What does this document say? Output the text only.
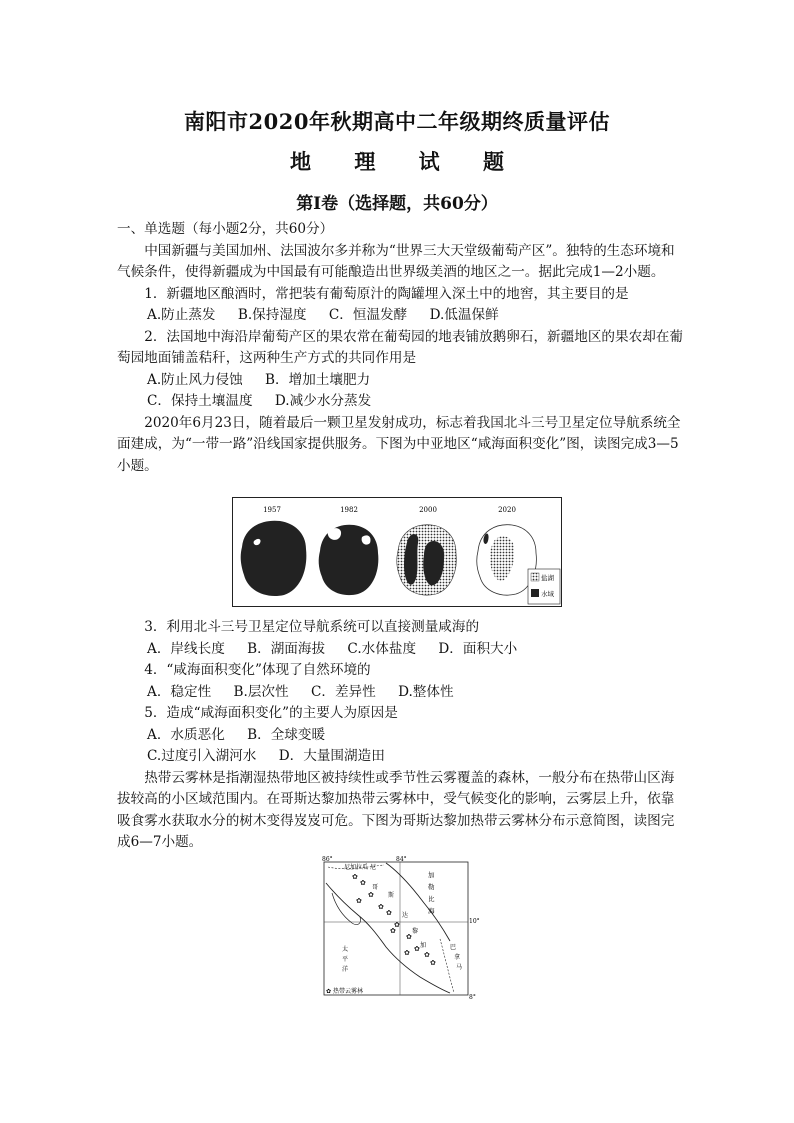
南阳市2020年秋期高中二年级期终质量评估
地 理 试 题
第Ⅰ卷（选择题，共60分）

一、单选题（每小题2分，共60分）

中国新疆与美国加州、法国波尔多并称为“世界三大天堂级葡萄产区”。独特的生态环境和气候条件，使得新疆成为中国最有可能酿造出世界级美酒的地区之一。据此完成1—2小题。

1．新疆地区酿酒时，常把装有葡萄原汁的陶罐埋入深土中的地窖，其主要目的是

A.防止蒸发 B.保持湿度 C．恒温发酵 D.低温保鲜

2．法国地中海沿岸葡萄产区的果农常在葡萄园的地表铺放鹅卵石，新疆地区的果农却在葡萄园地面铺盖秸秆，这两种生产方式的共同作用是

A.防止风力侵蚀 B．增加土壤肥力

C．保持土壤温度 D.减少水分蒸发

2020年6月23日，随着最后一颗卫星发射成功，标志着我国北斗三号卫星定位导航系统全面建成，为“一带一路”沿线国家提供服务。下图为中亚地区“咸海面积变化”图，读图完成3—5小题。

1957	1982	2000	2020
盐湖
水域

3．利用北斗三号卫星定位导航系统可以直接测量咸海的

A．岸线长度 B．湖面海拔 C.水体盐度 D．面积大小

4．“咸海面积变化”体现了自然环境的

A．稳定性 B.层次性 C．差异性 D.整体性

5．造成“咸海面积变化”的主要人为原因是

A．水质恶化 B．全球变暖

C.过度引入湖河水 D．大量围湖造田

热带云雾林是指潮湿热带地区被持续性或季节性云雾覆盖的森林，一般分布在热带山区海拔较高的小区域范围内。在哥斯达黎加热带云雾林中，受气候变化的影响，云雾层上升，依靠吸食雾水获取水分的树木变得岌岌可危。下图为哥斯达黎加热带云雾林分布示意简图，读图完成6—7小题。

86°	84°
10°
8°
尼加拉瓜 尼
加
勒
比
海
哥
斯
达
黎
加	巴
拿
马
太
平
洋
✿
✿
✿
✿
✿
✿
✿
✿
✿
✿
✿
✿
✿
✿ 热带云雾林
